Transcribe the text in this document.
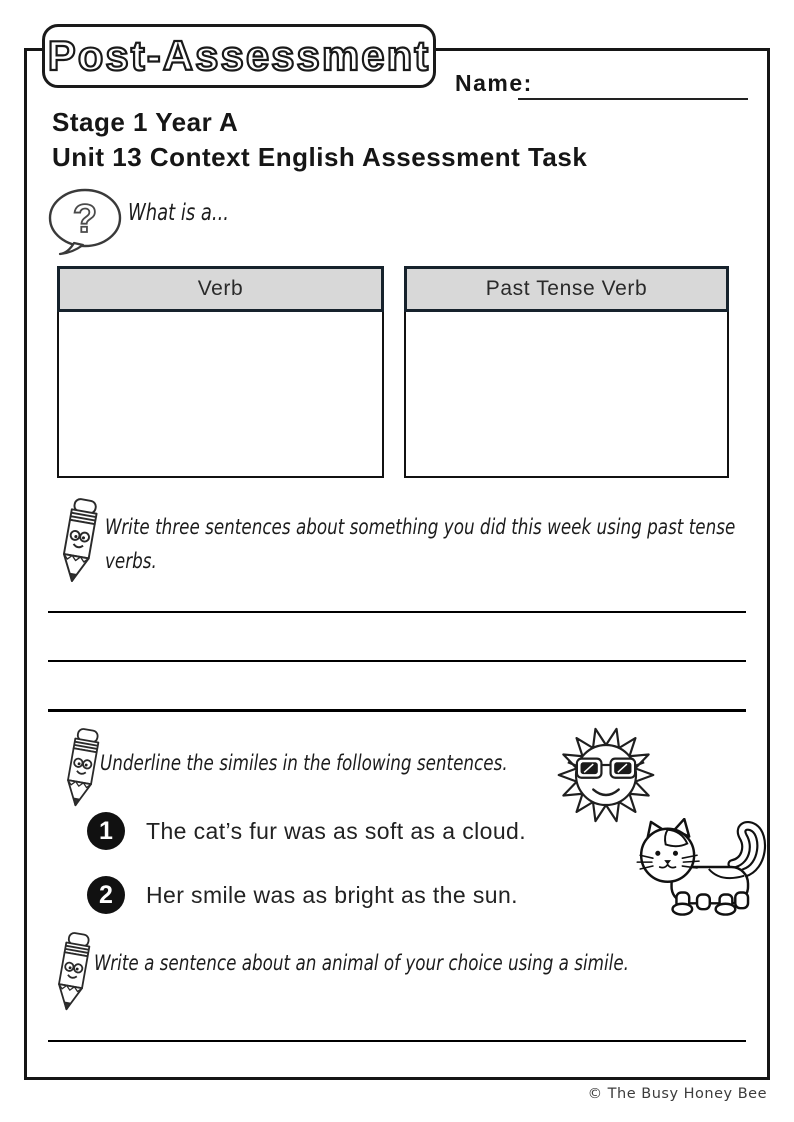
Post-Assessment
Name:
Stage 1 Year A
Unit 13 Context English Assessment Task
? What is a...
Verb	Past Tense Verb
Write three sentences about something you did this week using past tense verbs.
Underline the similes in the following sentences.
1	The cat’s fur was as soft as a cloud.
2	Her smile was as bright as the sun.
Write a sentence about an animal of your choice using a simile.
© The Busy Honey Bee
